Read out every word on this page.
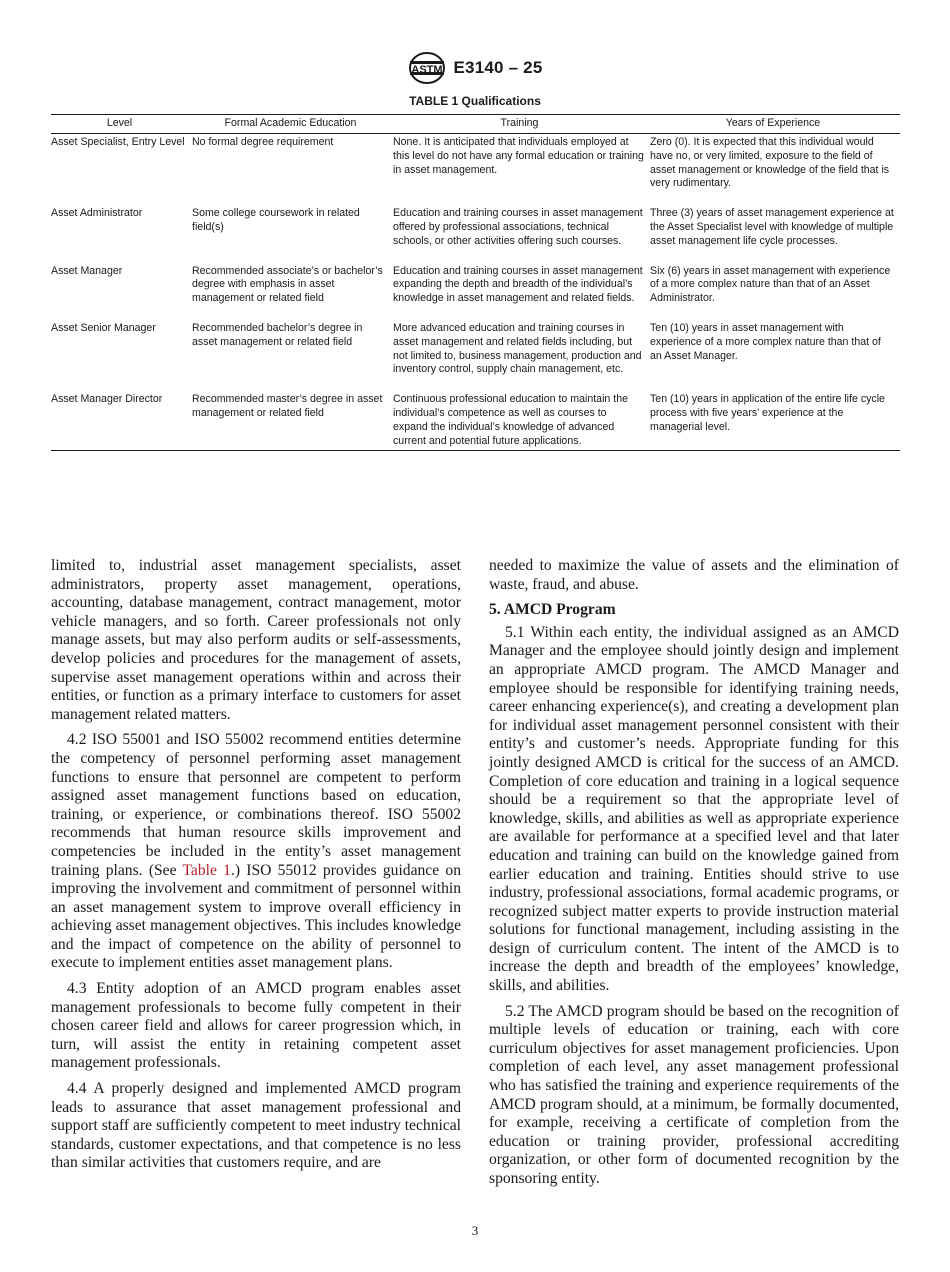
ASTM E3140 – 25
TABLE 1 Qualifications
Level	Formal Academic Education	Training	Years of Experience
Asset Specialist, Entry Level	No formal degree requirement	None. It is anticipated that individuals employed at this level do not have any formal education or training in asset management.	Zero (0). It is expected that this individual would have no, or very limited, exposure to the field of asset management or knowledge of the field that is very rudimentary.
Asset Administrator	Some college coursework in related field(s)	Education and training courses in asset management offered by professional associations, technical schools, or other activities offering such courses.	Three (3) years of asset management experience at the Asset Specialist level with knowledge of multiple asset management life cycle processes.
Asset Manager	Recommended associate’s or bachelor’s degree with emphasis in asset management or related field	Education and training courses in asset management expanding the depth and breadth of the individual’s knowledge in asset management and related fields.	Six (6) years in asset management with experience of a more complex nature than that of an Asset Administrator.
Asset Senior Manager	Recommended bachelor’s degree in asset management or related field	More advanced education and training courses in asset management and related fields including, but not limited to, business management, production and inventory control, supply chain management, etc.	Ten (10) years in asset management with experience of a more complex nature than that of an Asset Manager.
Asset Manager Director	Recommended master’s degree in asset management or related field	Continuous professional education to maintain the individual’s competence as well as courses to expand the individual’s knowledge of advanced current and potential future applications.	Ten (10) years in application of the entire life cycle process with five years’ experience at the managerial level.

limited to, industrial asset management specialists, asset administrators, property asset management, operations, accounting, database management, contract management, motor vehicle managers, and so forth. Career professionals not only manage assets, but may also perform audits or self-assessments, develop policies and procedures for the management of assets, supervise asset management operations within and across their entities, or function as a primary interface to customers for asset management related matters.

4.2 ISO 55001 and ISO 55002 recommend entities determine the competency of personnel performing asset management functions to ensure that personnel are competent to perform assigned asset management functions based on education, training, or experience, or combinations thereof. ISO 55002 recommends that human resource skills improvement and competencies be included in the entity’s asset management training plans. (See Table 1.) ISO 55012 provides guidance on improving the involvement and commitment of personnel within an asset management system to improve overall efficiency in achieving asset management objectives. This includes knowledge and the impact of competence on the ability of personnel to execute to implement entities asset management plans.

4.3 Entity adoption of an AMCD program enables asset management professionals to become fully competent in their chosen career field and allows for career progression which, in turn, will assist the entity in retaining competent asset management professionals.

4.4 A properly designed and implemented AMCD program leads to assurance that asset management professional and support staff are sufficiently competent to meet industry technical standards, customer expectations, and that competence is no less than similar activities that customers require, and are

needed to maximize the value of assets and the elimination of waste, fraud, and abuse.

5. AMCD Program

5.1 Within each entity, the individual assigned as an AMCD Manager and the employee should jointly design and implement an appropriate AMCD program. The AMCD Manager and employee should be responsible for identifying training needs, career enhancing experience(s), and creating a development plan for individual asset management personnel consistent with their entity’s and customer’s needs. Appropriate funding for this jointly designed AMCD is critical for the success of an AMCD. Completion of core education and training in a logical sequence should be a requirement so that the appropriate level of knowledge, skills, and abilities as well as appropriate experience are available for performance at a specified level and that later education and training can build on the knowledge gained from earlier education and training. Entities should strive to use industry, professional associations, formal academic programs, or recognized subject matter experts to provide instruction material solutions for functional management, including assisting in the design of curriculum content. The intent of the AMCD is to increase the depth and breadth of the employees’ knowledge, skills, and abilities.

5.2 The AMCD program should be based on the recognition of multiple levels of education or training, each with core curriculum objectives for asset management proficiencies. Upon completion of each level, any asset management professional who has satisfied the training and experience requirements of the AMCD program should, at a minimum, be formally documented, for example, receiving a certificate of completion from the education or training provider, professional accrediting organization, or other form of documented recognition by the sponsoring entity.

3
